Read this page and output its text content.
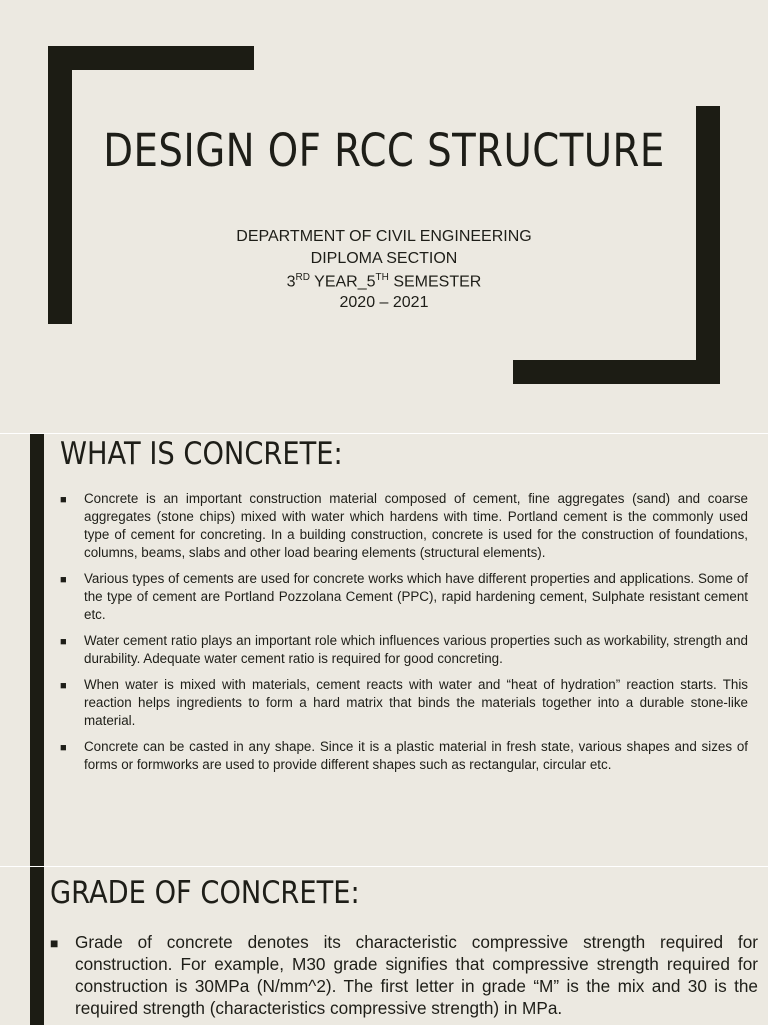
DESIGN OF RCC STRUCTURE
DEPARTMENT OF CIVIL ENGINEERING
DIPLOMA SECTION
3RD YEAR_5TH SEMESTER
2020 – 2021
WHAT IS CONCRETE:
■ Concrete is an important construction material composed of cement, fine aggregates (sand) and coarse aggregates (stone chips) mixed with water which hardens with time. Portland cement is the commonly used type of cement for concreting. In a building construction, concrete is used for the construction of foundations, columns, beams, slabs and other load bearing elements (structural elements).
■ Various types of cements are used for concrete works which have different properties and applications. Some of the type of cement are Portland Pozzolana Cement (PPC), rapid hardening cement, Sulphate resistant cement etc.
■ Water cement ratio plays an important role which influences various properties such as workability, strength and durability. Adequate water cement ratio is required for good concreting.
■ When water is mixed with materials, cement reacts with water and “heat of hydration” reaction starts. This reaction helps ingredients to form a hard matrix that binds the materials together into a durable stone-like material.
■ Concrete can be casted in any shape. Since it is a plastic material in fresh state, various shapes and sizes of forms or formworks are used to provide different shapes such as rectangular, circular etc.
GRADE OF CONCRETE:
■ Grade of concrete denotes its characteristic compressive strength required for construction. For example, M30 grade signifies that compressive strength required for construction is 30MPa (N/mm^2). The first letter in grade “M” is the mix and 30 is the required strength (characteristics compressive strength) in MPa.
